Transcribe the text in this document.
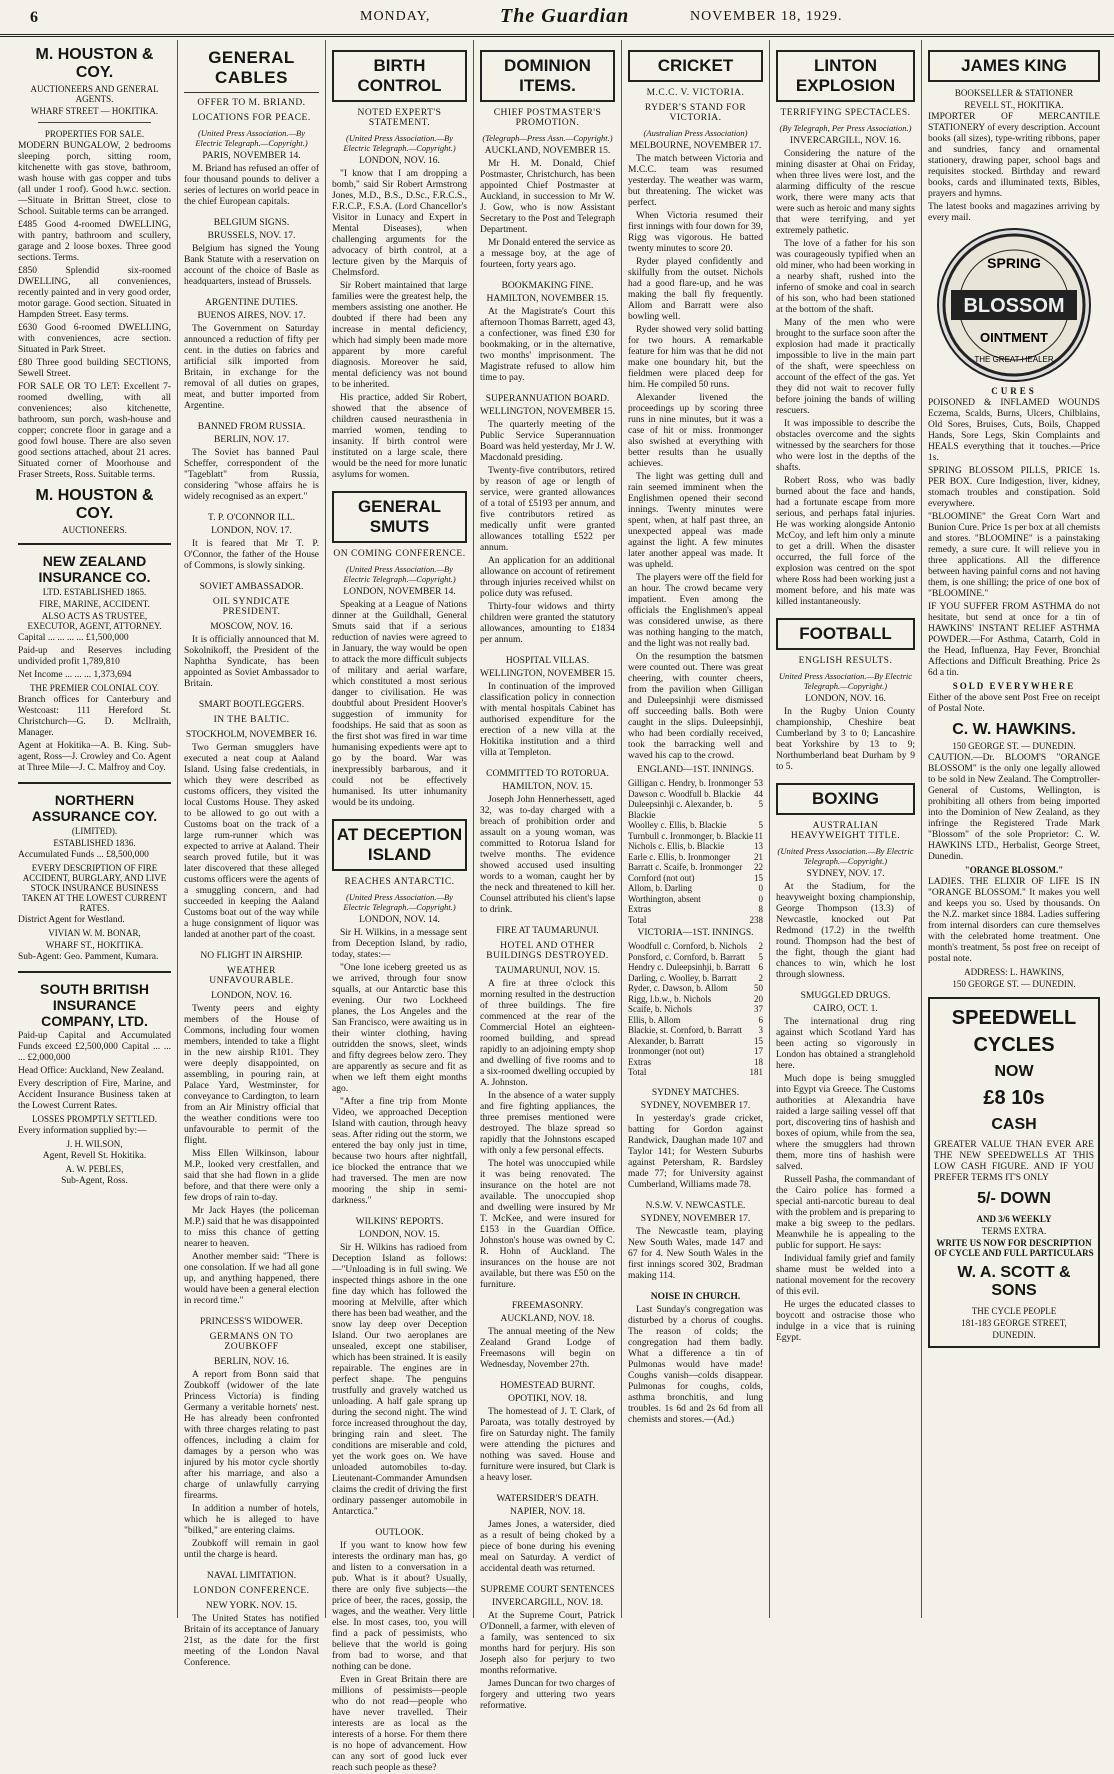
6	MONDAY,	The Guardian	NOVEMBER 18, 1929.
M. HOUSTON & COY.
AUCTIONEERS AND GENERAL AGENTS.
WHARF STREET — HOKITIKA.
PROPERTIES FOR SALE.
MODERN BUNGALOW, 2 bedrooms sleeping porch, sitting room, kitchenette with gas stove, bathroom, wash house with gas copper and tubs (all under 1 roof). Good h.w.c. section.—Situate in Brittan Street, close to School. Suitable terms can be arranged.
£485 Good 4-roomed DWELLING, with pantry, bathroom and scullery, garage and 2 loose boxes. Three good sections. Terms.
£850 Splendid six-roomed DWELLING, all conveniences, recently painted and in very good order, motor garage. Good section. Situated in Hampden Street. Easy terms.
£630 Good 6-roomed DWELLING, with conveniences, acre section. Situated in Park Street.
£80 Three good building SECTIONS, Sewell Street.
FOR SALE OR TO LET: Excellent 7-roomed dwelling, with all conveniences; also kitchenette, bathroom, sun porch, wash-house and copper; concrete floor in garage and a good fowl house. There are also seven good sections attached, about 21 acres. Situated corner of Moorhouse and Fraser Streets, Ross. Suitable terms.
M. HOUSTON & COY.
AUCTIONEERS.
NEW ZEALAND INSURANCE CO.
LTD. ESTABLISHED 1865.
FIRE, MARINE, ACCIDENT.
ALSO ACTS AS TRUSTEE, EXECUTOR, AGENT, ATTORNEY.
Capital ... ... ... ... £1,500,000
Paid-up and Reserves including undivided profit 1,789,810
Net Income ... ... ... 1,373,694
THE PREMIER COLONIAL COY.
Branch offices for Canterbury and Westcoast: 111 Hereford St. Christchurch—G. D. McIlraith, Manager.
Agent at Hokitika—A. B. King. Sub-agent, Ross—J. Crowley and Co. Agent at Three Mile—J. C. Malfroy and Coy.
NORTHERN ASSURANCE COY.
(LIMITED).
ESTABLISHED 1836.
Accumulated Funds ... £8,500,000
EVERY DESCRIPTION OF FIRE ACCIDENT, BURGLARY, AND LIVE STOCK INSURANCE BUSINESS TAKEN AT THE LOWEST CURRENT RATES.
District Agent for Westland.
VIVIAN W. M. BONAR,
WHARF ST., HOKITIKA.
Sub-Agent: Geo. Pamment, Kumara.
SOUTH BRITISH INSURANCE COMPANY, LTD.
Paid-up Capital and Accumulated Funds exceed £2,500,000 Capital ... ... ... £2,000,000
Head Office: Auckland, New Zealand.
Every description of Fire, Marine, and Accident Insurance Business taken at the Lowest Current Rates.
LOSSES PROMPTLY SETTLED.
Every information supplied by:—
J. H. WILSON,
Agent, Revell St. Hokitika.
A. W. PEBLES,
Sub-Agent, Ross.
GENERAL CABLES
OFFER TO M. BRIAND.
LOCATIONS FOR PEACE.
(United Press Association.—By Electric Telegraph.—Copyright.)
PARIS, NOVEMBER 14.
M. Briand has refused an offer of four thousand pounds to deliver a series of lectures on world peace in the chief European capitals.
BELGIUM SIGNS.
BRUSSELS, NOV. 17.
Belgium has signed the Young Bank Statute with a reservation on account of the choice of Basle as headquarters, instead of Brussels.
ARGENTINE DUTIES.
BUENOS AIRES, NOV. 17.
The Government on Saturday announced a reduction of fifty per cent. in the duties on fabrics and artificial silk imported from Britain, in exchange for the removal of all duties on grapes, meat, and butter imported from Argentine.
BANNED FROM RUSSIA.
BERLIN, NOV. 17.
The Soviet has banned Paul Scheffer, correspondent of the "Tageblatt" from Russia, considering "whose affairs he is widely recognised as an expert."
T. P. O'CONNOR ILL.
LONDON, NOV. 17.
It is feared that Mr T. P. O'Connor, the father of the House of Commons, is slowly sinking.
SOVIET AMBASSADOR.
OIL SYNDICATE PRESIDENT.
MOSCOW, NOV. 16.
It is officially announced that M. Sokolnikoff, the President of the Naphtha Syndicate, has been appointed as Soviet Ambassador to Britain.
SMART BOOTLEGGERS.
IN THE BALTIC.
STOCKHOLM, NOVEMBER 16.
Two German smugglers have executed a neat coup at Aaland Island. Using false credentials, in which they were described as customs officers, they visited the local Customs House. They asked to be allowed to go out with a Customs boat on the track of a large rum-runner which was expected to arrive at Aaland. Their search proved futile, but it was later discovered that these alleged customs officers were the agents of a smuggling concern, and had succeeded in keeping the Aaland Customs boat out of the way while a huge consignment of liquor was landed at another part of the coast.
NO FLIGHT IN AIRSHIP.
WEATHER UNFAVOURABLE.
LONDON, NOV. 16.
Twenty peers and eighty members of the House of Commons, including four women members, intended to take a flight in the new airship R101. They were deeply disappointed, on assembling, in pouring rain, at Palace Yard, Westminster, for conveyance to Cardington, to learn from an Air Ministry official that the weather conditions were too unfavourable to permit of the flight.
Miss Ellen Wilkinson, labour M.P., looked very crestfallen, and said that she had flown in a glide before, and that there were only a few drops of rain to-day.
Mr Jack Hayes (the policeman M.P.) said that he was disappointed to miss this chance of getting nearer to heaven.
Another member said: "There is one consolation. If we had all gone up, and anything happened, there would have been a general election in record time."
PRINCESS'S WIDOWER.
GERMANS ON TO ZOUBKOFF
BERLIN, NOV. 16.
A report from Bonn said that Zoubkoff (widower of the late Princess Victoria) is finding Germany a veritable hornets' nest. He has already been confronted with three charges relating to past offences, including a claim for damages by a person who was injured by his motor cycle shortly after his marriage, and also a charge of unlawfully carrying firearms.
In addition a number of hotels, which he is alleged to have "bilked," are entering claims.
Zoubkoff will remain in gaol until the charge is heard.
NAVAL LIMITATION.
LONDON CONFERENCE.
NEW YORK. NOV. 15.
The United States has notified Britain of its acceptance of January 21st, as the date for the first meeting of the London Naval Conference.
BIRTH CONTROL
NOTED EXPERT'S STATEMENT.
(United Press Association.—By Electric Telegraph.—Copyright.)
LONDON, NOV. 16.
"I know that I am dropping a bomb," said Sir Robert Armstrong Jones, M.D., B.S., D.Sc., F.R.C.S., F.R.C.P., F.S.A. (Lord Chancellor's Visitor in Lunacy and Expert in Mental Diseases), when challenging arguments for the advocacy of birth control, at a lecture given by the Marquis of Chelmsford.
Sir Robert maintained that large families were the greatest help, the members assisting one another. He doubted if there had been any increase in mental deficiency, which had simply been made more apparent by more careful diagnosis. Moreover he said, mental deficiency was not bound to be inherited.
His practice, added Sir Robert, showed that the absence of children caused neurasthenia in married women, tending to insanity. If birth control were instituted on a large scale, there would be the need for more lunatic asylums for women.
GENERAL SMUTS
ON COMING CONFERENCE.
(United Press Association.—By Electric Telegraph.—Copyright.)
LONDON, NOVEMBER 14.
Speaking at a League of Nations dinner at the Guildhall, General Smuts said that if a serious reduction of navies were agreed to in January, the way would be open to attack the more difficult subjects of military and aerial warfare, which constituted a most serious danger to civilisation. He was doubtful about President Hoover's suggestion of immunity for foodships. He said that as soon as the first shot was fired in war time humanising expedients were apt to go by the board. War was inexpressibly barbarous, and it could not be effectively humanised. Its utter inhumanity would be its undoing.
AT DECEPTION ISLAND
REACHES ANTARCTIC.
(United Press Association.—By Electric Telegraph.—Copyright.)
LONDON, NOV. 14.
Sir H. Wilkins, in a message sent from Deception Island, by radio, today, states:—
"One lone iceberg greeted us as we arrived, through four snow squalls, at our Antarctic base this evening. Our two Lockheed planes, the Los Angeles and the San Francisco, were awaiting us in their winter clothing, having outridden the snows, sleet, winds and fifty degrees below zero. They are apparently as secure and fit as when we left them eight months ago.
"After a fine trip from Monte Video, we approached Deception Island with caution, through heavy seas. After riding out the storm, we entered the bay only just in time, because two hours after nightfall, ice blocked the entrance that we had traversed. The men are now mooring the ship in semi-darkness."
WILKINS' REPORTS.
LONDON, NOV. 15.
Sir H. Wilkins has radioed from Deception Island as follows:—"Unloading is in full swing. We inspected things ashore in the one fine day which has followed the mooring at Melville, after which there has been bad weather, and the snow lay deep over Deception Island. Our two aeroplanes are unsealed, except one stabiliser, which has been strained. It is easily repairable. The engines are in perfect shape. The penguins trustfully and gravely watched us unloading. A half gale sprang up during the second night. The wind force increased throughout the day, bringing rain and sleet. The conditions are miserable and cold, yet the work goes on. We have unloaded automobiles to-day. Lieutenant-Commander Amundsen claims the credit of driving the first ordinary passenger automobile in Antarctica."
OUTLOOK.
If you want to know how few interests the ordinary man has, go and listen to a conversation in a pub. What is it about? Usually, there are only five subjects—the price of beer, the races, gossip, the wages, and the weather. Very little else. In most cases, too, you will find a pack of pessimists, who believe that the world is going from bad to worse, and that nothing can be done.
Even in Great Britain there are millions of pessimists—people who do not read—people who have never travelled. Their interests are as local as the interests of a horse. For them there is no hope of advancement. How can any sort of good luck ever reach such people as these?
DOMINION ITEMS.
CHIEF POSTMASTER'S PROMOTION.
(Telegraph—Press Assn.—Copyright.)
AUCKLAND, NOVEMBER 15.
Mr H. M. Donald, Chief Postmaster, Christchurch, has been appointed Chief Postmaster at Auckland, in succession to Mr W. J. Gow, who is now Assistant Secretary to the Post and Telegraph Department.
Mr Donald entered the service as a message boy, at the age of fourteen, forty years ago.
BOOKMAKING FINE.
HAMILTON, NOVEMBER 15.
At the Magistrate's Court this afternoon Thomas Barrett, aged 43, a confectioner, was fined £30 for bookmaking, or in the alternative, two months' imprisonment. The Magistrate refused to allow him time to pay.
SUPERANNUATION BOARD.
WELLINGTON, NOVEMBER 15.
The quarterly meeting of the Public Service Superannuation Board was held yesterday, Mr J. W. Macdonald presiding.
Twenty-five contributors, retired by reason of age or length of service, were granted allowances of a total of £5193 per annum, and five contributors retired as medically unfit were granted allowances totalling £522 per annum.
An application for an additional allowance on account of retirement through injuries received whilst on police duty was refused.
Thirty-four widows and thirty children were granted the statutory allowances, amounting to £1834 per annum.
HOSPITAL VILLAS.
WELLINGTON, NOVEMBER 15.
In continuation of the improved classification policy in connection with mental hospitals Cabinet has authorised expenditure for the erection of a new villa at the Hokitika institution and a third villa at Templeton.
COMMITTED TO ROTORUA.
HAMILTON, NOV. 15.
Joseph John Hennerhessett, aged 32, was to-day charged with a breach of prohibition order and assault on a young woman, was committed to Rotorua Island for twelve months. The evidence showed accused used insulting words to a woman, caught her by the neck and threatened to kill her. Counsel attributed his client's lapse to drink.
FIRE AT TAUMARUNUI.
HOTEL AND OTHER BUILDINGS DESTROYED.
TAUMARUNUI, NOV. 15.
A fire at three o'clock this morning resulted in the destruction of three buildings. The fire commenced at the rear of the Commercial Hotel an eighteen-roomed building, and spread rapidly to an adjoining empty shop and dwelling of five rooms and to a six-roomed dwelling occupied by A. Johnston.
In the absence of a water supply and fire fighting appliances, the three premises mentioned were destroyed. The blaze spread so rapidly that the Johnstons escaped with only a few personal effects.
The hotel was unoccupied while it was being renovated. The insurance on the hotel are not available. The unoccupied shop and dwelling were insured by Mr T. McKee, and were insured for £153 in the Guardian Office. Johnston's house was owned by C. R. Hohn of Auckland. The insurances on the house are not available, but there was £50 on the furniture.
FREEMASONRY.
AUCKLAND, NOV. 18.
The annual meeting of the New Zealand Grand Lodge of Freemasons will begin on Wednesday, November 27th.
HOMESTEAD BURNT.
OPOTIKI, NOV. 18.
The homestead of J. T. Clark, of Paroata, was totally destroyed by fire on Saturday night. The family were attending the pictures and nothing was saved. House and furniture were insured, but Clark is a heavy loser.
WATERSIDER'S DEATH.
NAPIER, NOV. 18.
James Jones, a watersider, died as a result of being choked by a piece of bone during his evening meal on Saturday. A verdict of accidental death was returned.
SUPREME COURT SENTENCES
INVERCARGILL, NOV. 18.
At the Supreme Court, Patrick O'Donnell, a farmer, with eleven of a family, was sentenced to six months hard for perjury. His son Joseph also for perjury to two months reformative.
James Duncan for two charges of forgery and uttering two years reformative.
CRICKET
M.C.C. V. VICTORIA.
RYDER'S STAND FOR VICTORIA.
(Australian Press Association)
MELBOURNE, NOVEMBER 17.
The match between Victoria and M.C.C. team was resumed yesterday. The weather was warm, but threatening. The wicket was perfect.
When Victoria resumed their first innings with four down for 39, Rigg was vigorous. He batted twenty minutes to score 20.
Ryder played confidently and skilfully from the outset. Nichols had a good flare-up, and he was making the ball fly frequently. Allom and Barratt were also bowling well.
Ryder showed very solid batting for two hours. A remarkable feature for him was that he did not make one boundary hit, but the fieldmen were placed deep for him. He compiled 50 runs.
Alexander livened the proceedings up by scoring three runs in nine minutes, but it was a case of hit or miss. Ironmonger also swished at everything with better results than he usually achieves.
The light was getting dull and rain seemed imminent when the Englishmen opened their second innings. Twenty minutes were spent, when, at half past three, an unexpected appeal was made against the light. A few minutes later another appeal was made. It was upheld.
The players were off the field for an hour. The crowd became very impatient. Even among the officials the Englishmen's appeal was considered unwise, as there was nothing hanging to the match, and the light was not really bad.
On the resumption the batsmen were counted out. There was great cheering, with counter cheers, from the pavilion when Gilligan and Duleepsinhji were dismissed off succeeding balls. Both were caught in the slips. Duleepsinhji, who had been cordially received, took the barracking well and waved his cap to the crowd.
ENGLAND—1ST. INNINGS.
Gilligan c. Hendry, b. Ironmonger 53
Dawson c. Woodfull b. Blackie 44
Duleepsinhji c. Alexander, b. Blackie
5
Woolley c. Ellis, b. Blackie	5
Turnbull c. Ironmonger, b. Blackie 11
Nichols c. Ellis, b. Blackie	13
Earle c. Ellis, b. Ironmonger	21
Barratt c. Scaife, b. Ironmonger 22
Cornford (not out)	15
Allom, b. Darling	0
Worthington, absent	0
Extras	8
Total	238
VICTORIA—1ST. INNINGS.
Woodfull c. Cornford, b. Nichols 2
Ponsford, c. Cornford, b. Barratt 5
Hendry c. Duleepsinhji, b. Barratt 6
Darling, c. Woolley, b. Barratt 2
Ryder, c. Dawson, b. Allom	50
Rigg, l.b.w., b. Nichols	20
Scaife, b. Nichols	37
Ellis, b. Allom	6
Blackie, st. Cornford, b. Barratt 3
Alexander, b. Barratt	15
Ironmonger (not out)	17
Extras	18
Total	181
SYDNEY MATCHES.
SYDNEY, NOVEMBER 17.
In yesterday's grade cricket, batting for Gordon against Randwick, Daughan made 107 and Taylor 141; for Western Suburbs against Petersham, R. Bardsley made 77; for University against Cumberland, Williams made 78.
N.S.W. V. NEWCASTLE.
SYDNEY, NOVEMBER 17.
The Newcastle team, playing New South Wales, made 147 and 67 for 4. New South Wales in the first innings scored 302, Bradman making 114.
NOISE IN CHURCH.
Last Sunday's congregation was disturbed by a chorus of coughs. The reason of colds; the congregation had them badly. What a difference a tin of Pulmonas would have made! Coughs vanish—colds disappear. Pulmonas for coughs, colds, asthma bronchitis, and lung troubles. 1s 6d and 2s 6d from all chemists and stores.—(Ad.)
LINTON EXPLOSION
TERRIFYING SPECTACLES.
(By Telegraph, Per Press Association.)
INVERCARGILL, NOV. 16.
Considering the nature of the mining disaster at Ohai on Friday, when three lives were lost, and the alarming difficulty of the rescue work, there were many acts that were such as heroic and many sights that were terrifying, and yet extremely pathetic.
The love of a father for his son was courageously typified when an old miner, who had been working in a nearby shaft, rushed into the inferno of smoke and coal in search of his son, who had been stationed at the bottom of the shaft.
Many of the men who were brought to the surface soon after the explosion had made it practically impossible to live in the main part of the shaft, were speechless on account of the effect of the gas. Yet they did not wait to recover fully before joining the bands of willing rescuers.
It was impossible to describe the obstacles overcome and the sights witnessed by the searchers for those who were lost in the depths of the shafts.
Robert Ross, who was badly burned about the face and hands, had a fortunate escape from more serious, and perhaps fatal injuries. He was working alongside Antonio McCoy, and left him only a minute to get a drill. When the disaster occurred, the full force of the explosion was centred on the spot where Ross had been working just a moment before, and his mate was killed instantaneously.
FOOTBALL
ENGLISH RESULTS.
United Press Association.—By Electric Telegraph.—Copyright.)
LONDON, NOV. 16.
In the Rugby Union County championship, Cheshire beat Cumberland by 3 to 0; Lancashire beat Yorkshire by 13 to 9; Northumberland beat Durham by 9 to 5.
BOXING
AUSTRALIAN HEAVYWEIGHT TITLE.
(United Press Association.—By Electric Telegraph.—Copyright.)
SYDNEY, NOV. 17.
At the Stadium, for the heavyweight boxing championship, George Thompson (13.3) of Newcastle, knocked out Pat Redmond (17.2) in the twelfth round. Thompson had the best of the fight, though the giant had chances to win, which he lost through slowness.
SMUGGLED DRUGS.
CAIRO, OCT. 1.
The international drug ring against which Scotland Yard has been acting so vigorously in London has obtained a stranglehold here.
Much dope is being smuggled into Egypt via Greece. The Customs authorities at Alexandria have raided a large sailing vessel off that port, discovering tins of hashish and boxes of opium, while from the sea, where the smugglers had thrown them, more tins of hashish were salved.
Russell Pasha, the commandant of the Cairo police has formed a special anti-narcotic bureau to deal with the problem and is preparing to make a big sweep to the pedlars. Meanwhile he is appealing to the public for support. He says:
Individual family grief and family shame must be welded into a national movement for the recovery of this evil.
He urges the educated classes to boycott and ostracise those who indulge in a vice that is ruining Egypt.
JAMES KING
BOOKSELLER & STATIONER
REVELL ST., HOKITIKA.
IMPORTER OF MERCANTILE STATIONERY of every description. Account books (all sizes), type-writing ribbons, paper and sundries, fancy and ornamental stationery, drawing paper, school bags and requisites stocked. Birthday and reward books, cards and illuminated texts, Bibles, prayers and hymns.
The latest books and magazines arriving by every mail.
SPRING
BLOSSOM
OINTMENT
THE GREAT HEALER
CURES
POISONED & INFLAMED WOUNDS Eczema, Scalds, Burns, Ulcers, Chilblains, Old Sores, Bruises, Cuts, Boils, Chapped Hands, Sore Legs, Skin Complaints and HEALS everything that it touches.—Price 1s.
SPRING BLOSSOM PILLS, PRICE 1s. PER BOX. Cure Indigestion, liver, kidney, stomach troubles and constipation. Sold everywhere.
"BLOOMINE" the Great Corn Wart and Bunion Cure. Price 1s per box at all chemists and stores. "BLOOMINE" is a painstaking remedy, a sure cure. It will relieve you in three applications. All the difference between having painful corns and not having them, is one shilling; the price of one box of "BLOOMINE."
IF YOU SUFFER FROM ASTHMA do not hesitate, but send at once for a tin of HAWKINS' INSTANT RELIEF ASTHMA POWDER.—For Asthma, Catarrh, Cold in the Head, Influenza, Hay Fever, Bronchial Affections and Difficult Breathing. Price 2s 6d a tin.
SOLD EVERYWHERE
Either of the above sent Post Free on receipt of Postal Note.
C. W. HAWKINS.
150 GEORGE ST. — DUNEDIN.
CAUTION.—Dr. BLOOM'S "ORANGE BLOSSOM" is the only one legally allowed to be sold in New Zealand. The Comptroller-General of Customs, Wellington, is prohibiting all others from being imported into the Dominion of New Zealand, as they infringe the Registered Trade Mark "Blossom" of the sole Proprietor: C. W. HAWKINS LTD., Herbalist, George Street, Dunedin.
"ORANGE BLOSSOM."
LADIES. THE ELIXIR OF LIFE IS IN "ORANGE BLOSSOM." It makes you well and keeps you so. Used by thousands. On the N.Z. market since 1884. Ladies suffering from internal disorders can cure themselves with the celebrated home treatment. One month's treatment, 5s post free on receipt of postal note.
ADDRESS: L. HAWKINS,
150 GEORGE ST. — DUNEDIN.
SPEEDWELL
CYCLES
NOW
£8 10s
CASH
GREATER VALUE THAN EVER ARE THE NEW SPEEDWELLS AT THIS LOW CASH FIGURE. AND IF YOU PREFER TERMS IT'S ONLY
5/- DOWN
AND 3/6 WEEKLY
TERMS EXTRA.
WRITE US NOW FOR DESCRIPTION OF CYCLE AND FULL PARTICULARS
W. A. SCOTT & SONS
THE CYCLE PEOPLE
181-183 GEORGE STREET,
DUNEDIN.
